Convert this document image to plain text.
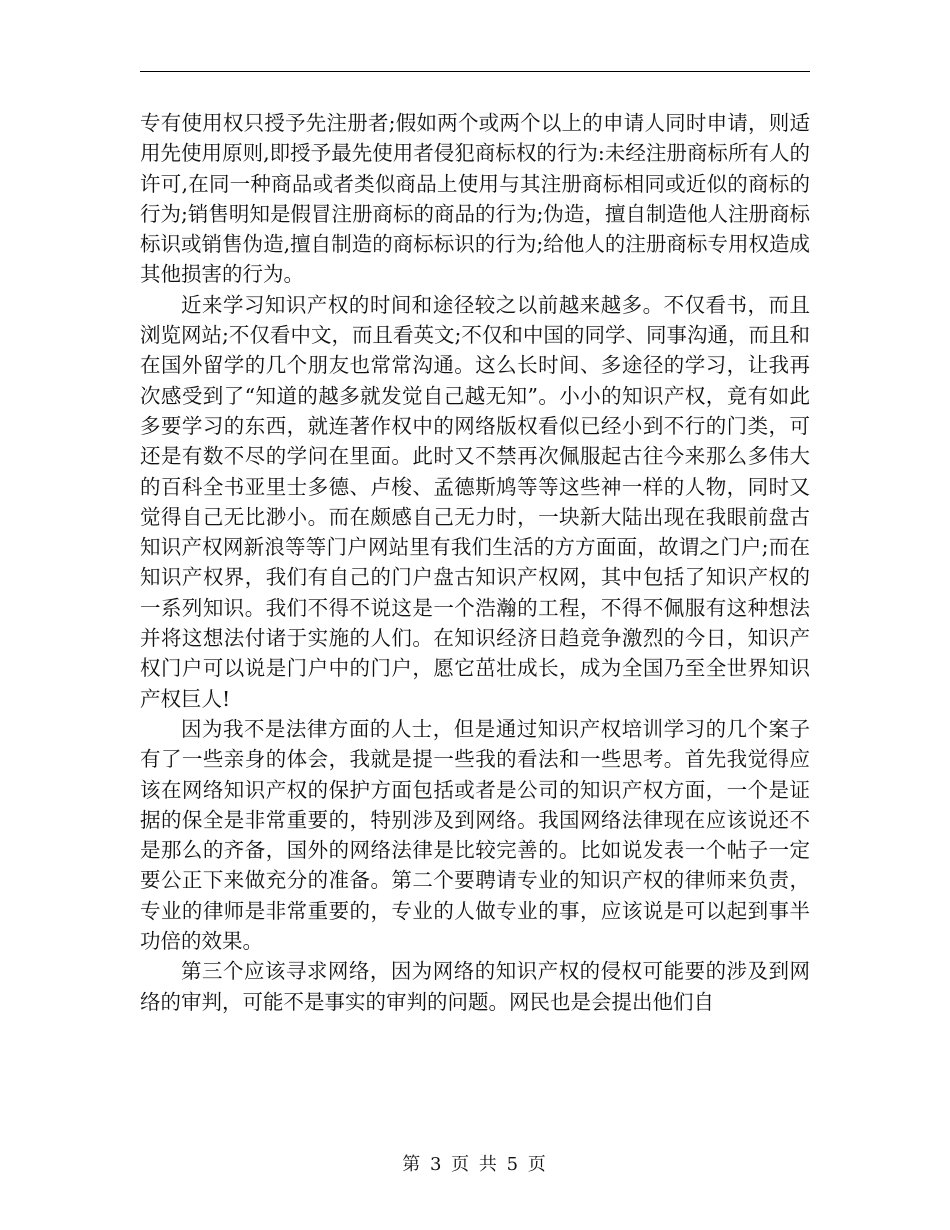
专有使用权只授予先注册者;假如两个或两个以上的申请人同时申请，则适用先使用原则,即授予最先使用者侵犯商标权的行为:未经注册商标所有人的许可,在同一种商品或者类似商品上使用与其注册商标相同或近似的商标的行为;销售明知是假冒注册商标的商品的行为;伪造，擅自制造他人注册商标标识或销售伪造,擅自制造的商标标识的行为;给他人的注册商标专用权造成其他损害的行为。

近来学习知识产权的时间和途径较之以前越来越多。不仅看书，而且浏览网站;不仅看中文，而且看英文;不仅和中国的同学、同事沟通，而且和在国外留学的几个朋友也常常沟通。这么长时间、多途径的学习，让我再次感受到了“知道的越多就发觉自己越无知”。小小的知识产权，竟有如此多要学习的东西，就连著作权中的网络版权看似已经小到不行的门类，可还是有数不尽的学问在里面。此时又不禁再次佩服起古往今来那么多伟大的百科全书亚里士多德、卢梭、孟德斯鸠等等这些神一样的人物，同时又觉得自己无比渺小。而在颇感自己无力时，一块新大陆出现在我眼前盘古知识产权网新浪等等门户网站里有我们生活的方方面面，故谓之门户;而在知识产权界，我们有自己的门户盘古知识产权网，其中包括了知识产权的一系列知识。我们不得不说这是一个浩瀚的工程，不得不佩服有这种想法并将这想法付诸于实施的人们。在知识经济日趋竞争激烈的今日，知识产权门户可以说是门户中的门户，愿它茁壮成长，成为全国乃至全世界知识产权巨人!

因为我不是法律方面的人士，但是通过知识产权培训学习的几个案子有了一些亲身的体会，我就是提一些我的看法和一些思考。首先我觉得应该在网络知识产权的保护方面包括或者是公司的知识产权方面，一个是证据的保全是非常重要的，特别涉及到网络。我国网络法律现在应该说还不是那么的齐备，国外的网络法律是比较完善的。比如说发表一个帖子一定要公正下来做充分的准备。第二个要聘请专业的知识产权的律师来负责，专业的律师是非常重要的，专业的人做专业的事，应该说是可以起到事半功倍的效果。

第三个应该寻求网络，因为网络的知识产权的侵权可能要的涉及到网络的审判，可能不是事实的审判的问题。网民也是会提出他们自

第 3 页 共 5 页
